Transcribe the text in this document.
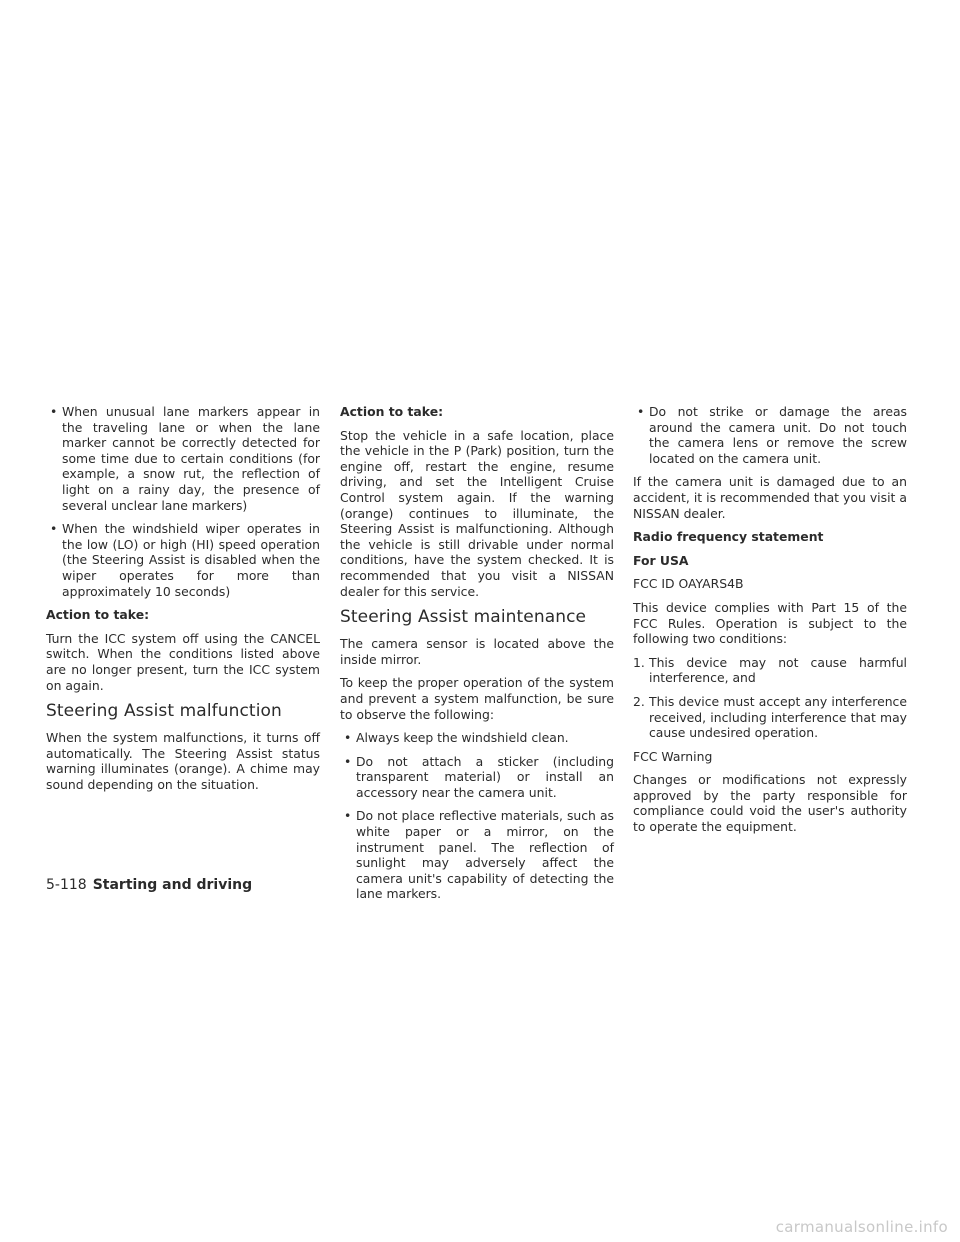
• When unusual lane markers appear in the traveling lane or when the lane marker cannot be correctly detected for some time due to certain conditions (for example, a snow rut, the reflection of light on a rainy day, the presence of several unclear lane markers)
• When the windshield wiper operates in the low (LO) or high (HI) speed operation (the Steering Assist is disabled when the wiper operates for more than approximately 10 seconds)
Action to take:

Turn the ICC system off using the CANCEL switch. When the conditions listed above are no longer present, turn the ICC system on again.

Steering Assist malfunction

When the system malfunctions, it turns off automatically. The Steering Assist status warning illuminates (orange). A chime may sound depending on the situation.

Action to take:

Stop the vehicle in a safe location, place the vehicle in the P (Park) position, turn the engine off, restart the engine, resume driving, and set the Intelligent Cruise Control system again. If the warning (orange) continues to illuminate, the Steering Assist is malfunctioning. Although the vehicle is still drivable under normal conditions, have the system checked. It is recommended that you visit a NISSAN dealer for this service.

Steering Assist maintenance

The camera sensor is located above the inside mirror.

To keep the proper operation of the system and prevent a system malfunction, be sure to observe the following:

• Always keep the windshield clean.
• Do not attach a sticker (including transparent material) or install an accessory near the camera unit.
• Do not place reflective materials, such as white paper or a mirror, on the instrument panel. The reflection of sunlight may adversely affect the camera unit's capability of detecting the lane markers.
• Do not strike or damage the areas around the camera unit. Do not touch the camera lens or remove the screw located on the camera unit.

If the camera unit is damaged due to an accident, it is recommended that you visit a NISSAN dealer.

Radio frequency statement
For USA

FCC ID OAYARS4B

This device complies with Part 15 of the FCC Rules. Operation is subject to the following two conditions:

1. This device may not cause harmful interference, and
2. This device must accept any interference received, including interference that may cause undesired operation.

FCC Warning

Changes or modifications not expressly approved by the party responsible for compliance could void the user's authority to operate the equipment.

5-118 Starting and driving
carmanualsonline.info
